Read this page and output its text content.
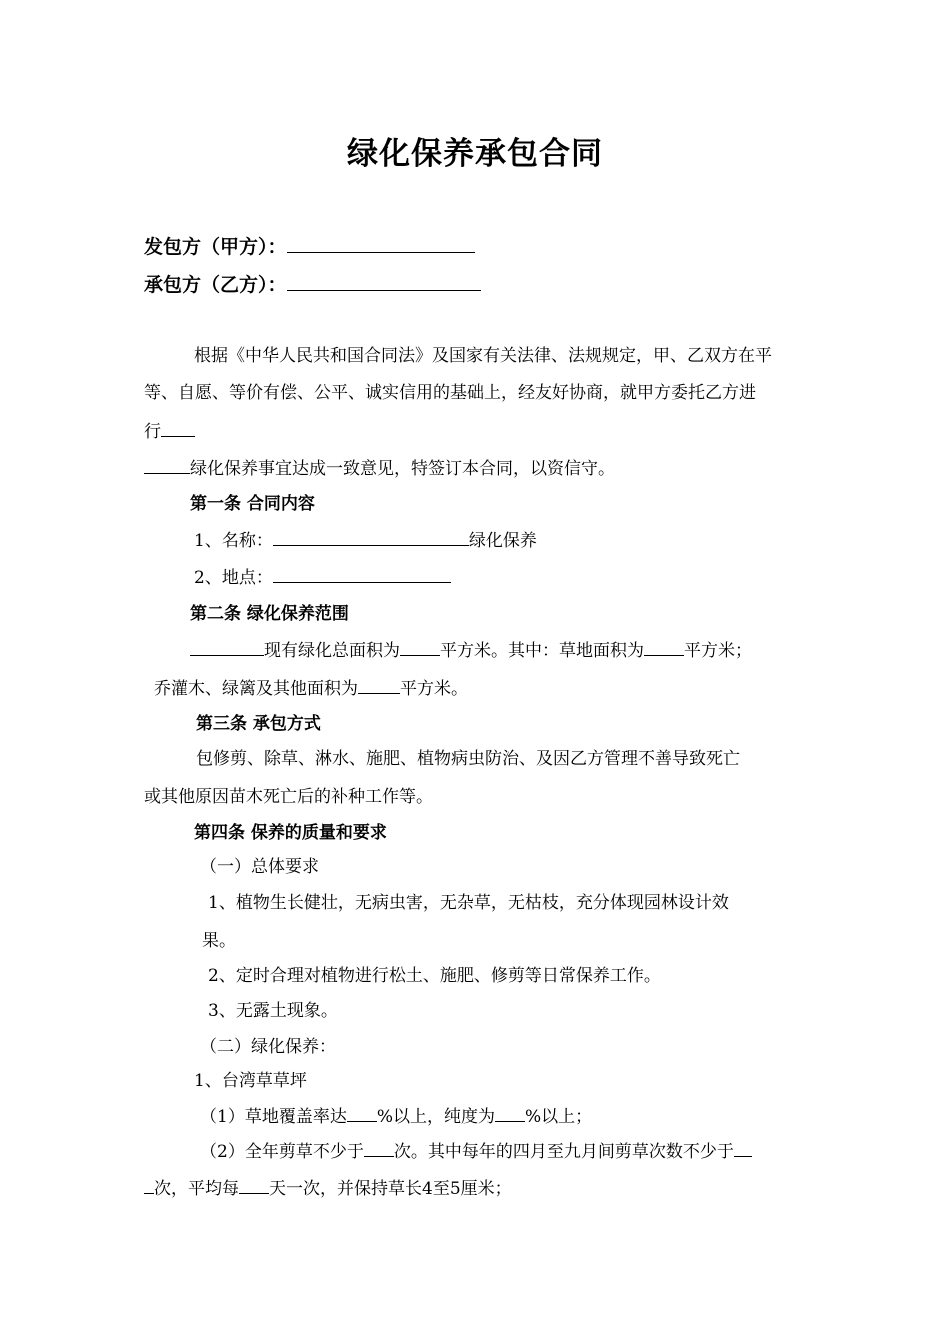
绿化保养承包合同
发包方（甲方）：
承包方（乙方）：
根据《中华人民共和国合同法》及国家有关法律、法规规定，甲、乙双方在平
等、自愿、等价有偿、公平、诚实信用的基础上，经友好协商，就甲方委托乙方进
行
绿化保养事宜达成一致意见，特签订本合同，以资信守。
第一条 合同内容
1、名称：	绿化保养
2、地点：
第二条 绿化保养范围
现有绿化总面积为 平方米。其中：草地面积为 平方米；
乔灌木、绿篱及其他面积为 平方米。
第三条 承包方式
包修剪、除草、淋水、施肥、植物病虫防治、及因乙方管理不善导致死亡
或其他原因苗木死亡后的补种工作等。
第四条 保养的质量和要求
（一）总体要求
1、植物生长健壮，无病虫害，无杂草，无枯枝，充分体现园林设计效
果。
2、定时合理对植物进行松土、施肥、修剪等日常保养工作。
3、无露土现象。
（二）绿化保养：
1、台湾草草坪
（1）草地覆盖率达 %以上，纯度为 %以上；
（2）全年剪草不少于 次。其中每年的四月至九月间剪草次数不少于
次，平均每 天一次，并保持草长4至5厘米；
